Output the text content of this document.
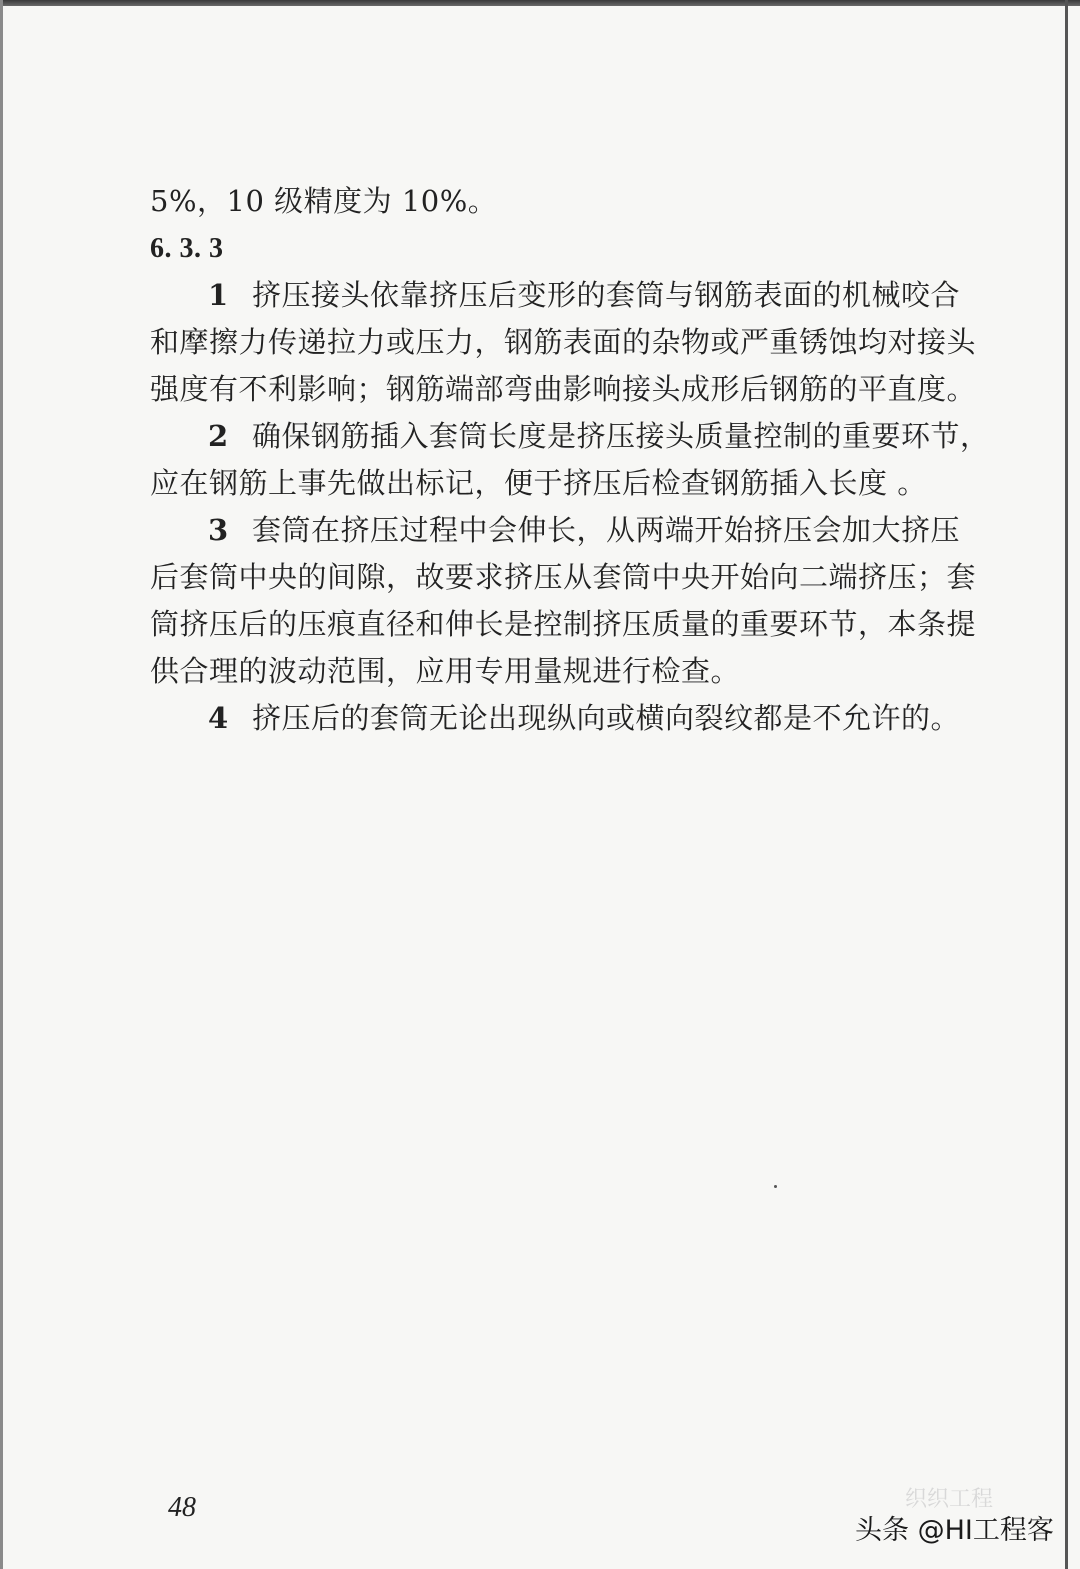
5%，10 级精度为 10%。
6. 3. 3
1 挤压接头依靠挤压后变形的套筒与钢筋表面的机械咬合
和摩擦力传递拉力或压力，钢筋表面的杂物或严重锈蚀均对接头
强度有不利影响；钢筋端部弯曲影响接头成形后钢筋的平直度。
2 确保钢筋插入套筒长度是挤压接头质量控制的重要环节，
应在钢筋上事先做出标记，便于挤压后检查钢筋插入长度 。
3 套筒在挤压过程中会伸长，从两端开始挤压会加大挤压
后套筒中央的间隙，故要求挤压从套筒中央开始向二端挤压；套
筒挤压后的压痕直径和伸长是控制挤压质量的重要环节，本条提
供合理的波动范围，应用专用量规进行检查。
4 挤压后的套筒无论出现纵向或横向裂纹都是不允许的。
48	织织工程
头条 @HI工程客
